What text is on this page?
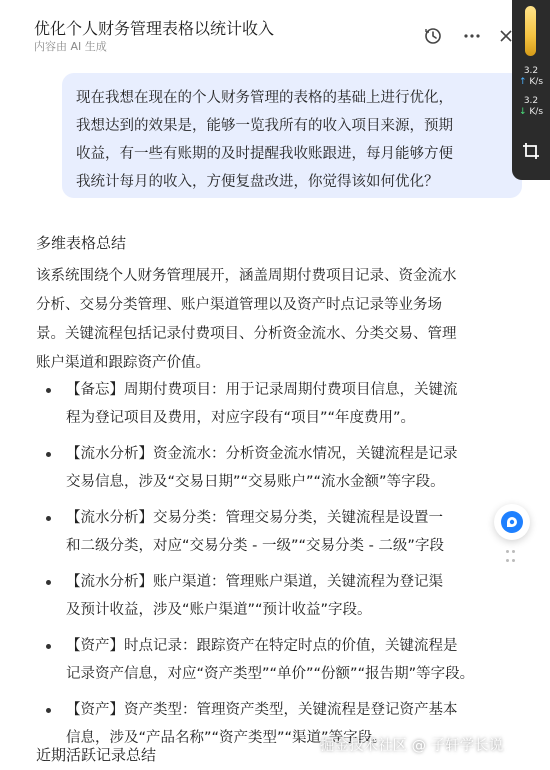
优化个人财务管理表格以统计收入
内容由 AI 生成
现在我想在现在的个人财务管理的表格的基础上进行优化，
我想达到的效果是，能够一览我所有的收入项目来源，预期
收益，有一些有账期的及时提醒我收账跟进，每月能够方便
我统计每月的收入，方便复盘改进，你觉得该如何优化？
多维表格总结
该系统围绕个人财务管理展开，涵盖周期付费项目记录、资金流水
分析、交易分类管理、账户渠道管理以及资产时点记录等业务场
景。关键流程包括记录付费项目、分析资金流水、分类交易、管理
账户渠道和跟踪资产价值。
【备忘】周期付费项目：用于记录周期付费项目信息，关键流
程为登记项目及费用，对应字段有“项目”“年度费用”。
【流水分析】资金流水：分析资金流水情况，关键流程是记录
交易信息，涉及“交易日期”“交易账户”“流水金额”等字段。
【流水分析】交易分类：管理交易分类，关键流程是设置一
和二级分类，对应“交易分类 - 一级”“交易分类 - 二级”字段
【流水分析】账户渠道：管理账户渠道，关键流程为登记渠
及预计收益，涉及“账户渠道”“预计收益”字段。
【资产】时点记录：跟踪资产在特定时点的价值，关键流程是
记录资产信息，对应“资产类型”“单价”“份额”“报告期”等字段。
【资产】资产类型：管理资产类型，关键流程是登记资产基本
信息，涉及“产品名称”“资产类型”“渠道”等字段。
近期活跃记录总结
3.2
↑ K/s
3.2
↓ K/s
掘金技术社区 @ 子轩学长说
